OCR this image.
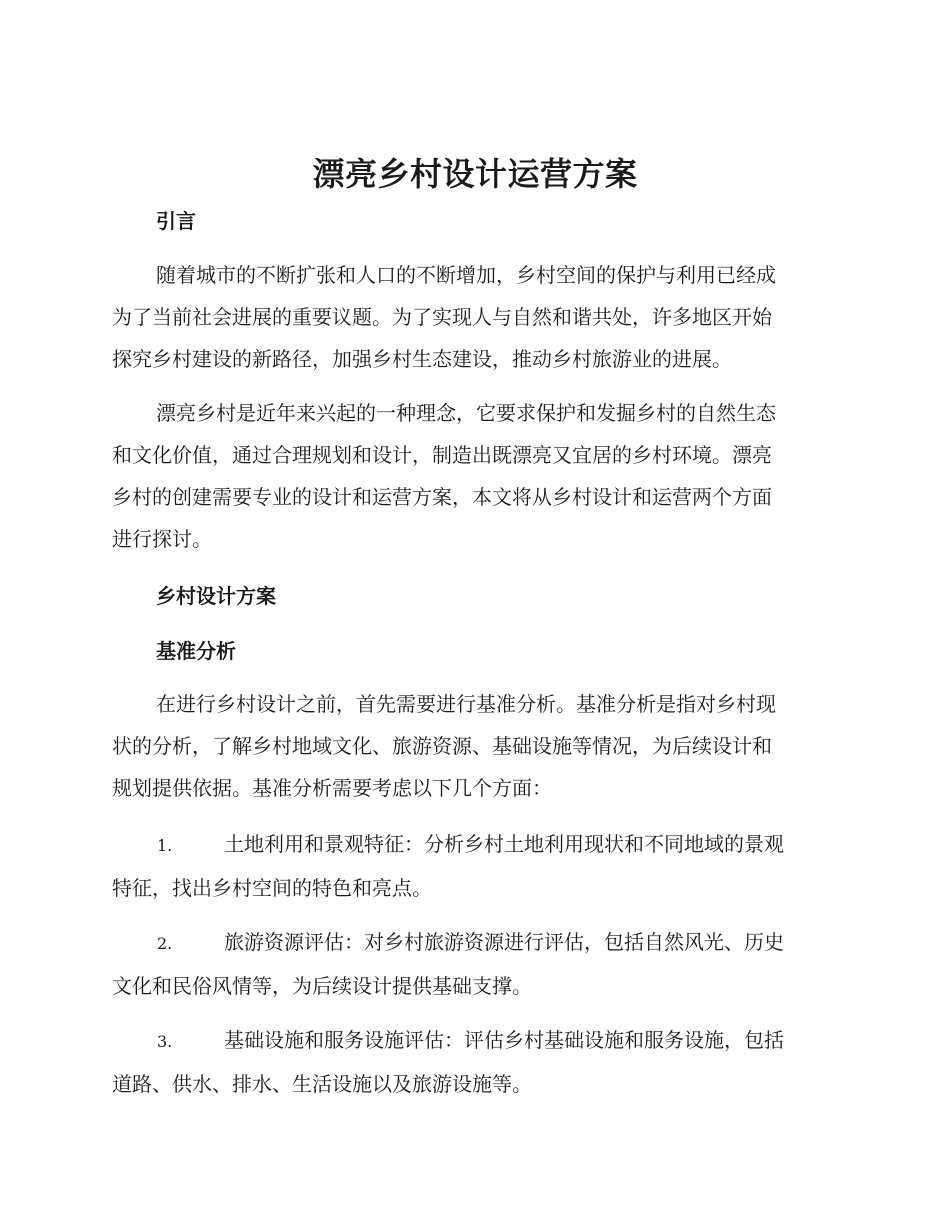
漂亮乡村设计运营方案
引言

随着城市的不断扩张和人口的不断增加，乡村空间的保护与利用已经成
为了当前社会进展的重要议题。为了实现人与自然和谐共处，许多地区开始
探究乡村建设的新路径，加强乡村生态建设，推动乡村旅游业的进展。

漂亮乡村是近年来兴起的一种理念，它要求保护和发掘乡村的自然生态
和文化价值，通过合理规划和设计，制造出既漂亮又宜居的乡村环境。漂亮
乡村的创建需要专业的设计和运营方案，本文将从乡村设计和运营两个方面
进行探讨。

乡村设计方案
基准分析

在进行乡村设计之前，首先需要进行基准分析。基准分析是指对乡村现
状的分析，了解乡村地域文化、旅游资源、基础设施等情况，为后续设计和
规划提供依据。基准分析需要考虑以下几个方面：

1.	土地利用和景观特征：分析乡村土地利用现状和不同地域的景观
特征，找出乡村空间的特色和亮点。
2.	旅游资源评估：对乡村旅游资源进行评估，包括自然风光、历史
文化和民俗风情等，为后续设计提供基础支撑。
3.	基础设施和服务设施评估：评估乡村基础设施和服务设施，包括
道路、供水、排水、生活设施以及旅游设施等。
